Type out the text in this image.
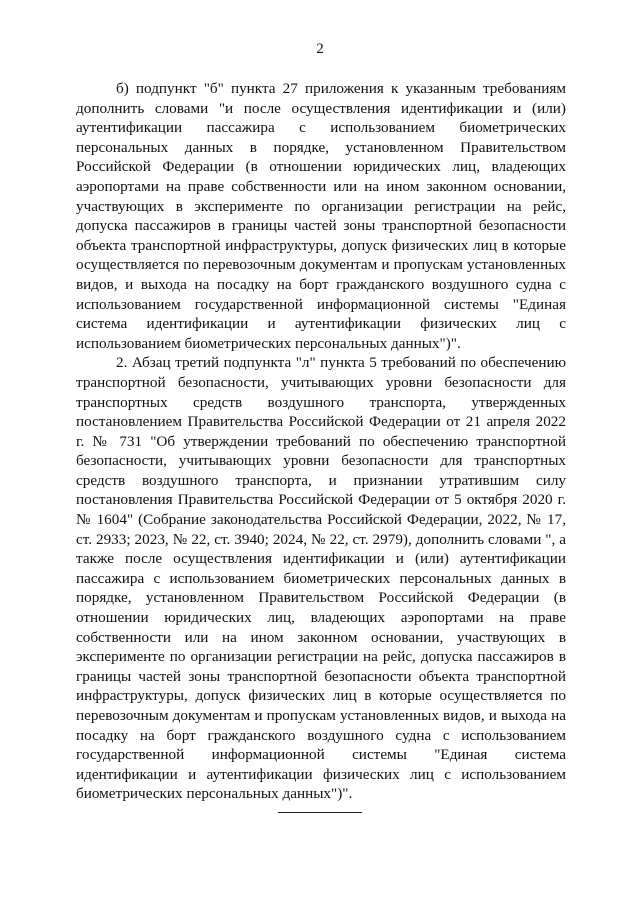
2

б) подпункт "б" пункта 27 приложения к указанным требованиям дополнить словами "и после осуществления идентификации и (или) аутентификации пассажира с использованием биометрических персональных данных в порядке, установленном Правительством Российской Федерации (в отношении юридических лиц, владеющих аэропортами на праве собственности или на ином законном основании, участвующих в эксперименте по организации регистрации на рейс, допуска пассажиров в границы частей зоны транспортной безопасности объекта транспортной инфраструктуры, допуск физических лиц в которые осуществляется по перевозочным документам и пропускам установленных видов, и выхода на посадку на борт гражданского воздушного судна с использованием государственной информационной системы "Единая система идентификации и аутентификации физических лиц с использованием биометрических персональных данных")".

2. Абзац третий подпункта "л" пункта 5 требований по обеспечению транспортной безопасности, учитывающих уровни безопасности для транспортных средств воздушного транспорта, утвержденных постановлением Правительства Российской Федерации от 21 апреля 2022 г. № 731 "Об утверждении требований по обеспечению транспортной безопасности, учитывающих уровни безопасности для транспортных средств воздушного транспорта, и признании утратившим силу постановления Правительства Российской Федерации от 5 октября 2020 г. № 1604" (Собрание законодательства Российской Федерации, 2022, № 17, ст. 2933; 2023, № 22, ст. 3940; 2024, № 22, ст. 2979), дополнить словами ", а также после осуществления идентификации и (или) аутентификации пассажира с использованием биометрических персональных данных в порядке, установленном Правительством Российской Федерации (в отношении юридических лиц, владеющих аэропортами на праве собственности или на ином законном основании, участвующих в эксперименте по организации регистрации на рейс, допуска пассажиров в границы частей зоны транспортной безопасности объекта транспортной инфраструктуры, допуск физических лиц в которые осуществляется по перевозочным документам и пропускам установленных видов, и выхода на посадку на борт гражданского воздушного судна с использованием государственной информационной системы "Единая система идентификации и аутентификации физических лиц с использованием биометрических персональных данных")".
